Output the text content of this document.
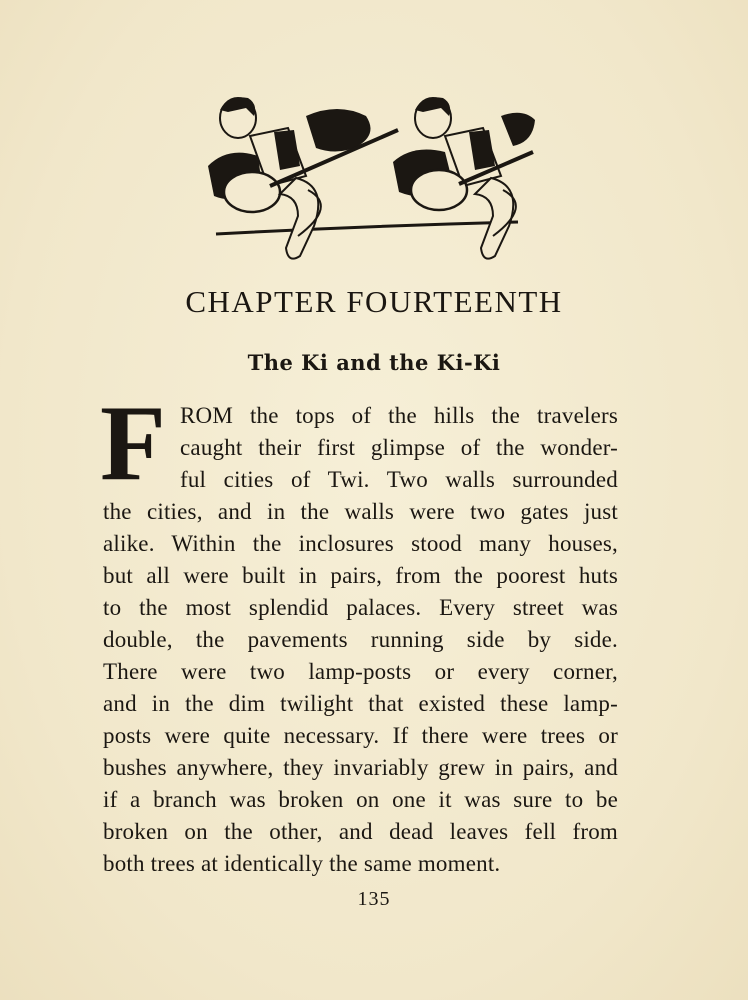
CHAPTER FOURTEENTH
The Ki and the Ki-Ki
F ROM the tops of the hills the travelers
caught their first glimpse of the wonder-
ful cities of Twi. Two walls surrounded
the cities, and in the walls were two gates just
alike. Within the inclosures stood many houses,
but all were built in pairs, from the poorest huts
to the most splendid palaces. Every street was
double, the pavements running side by side.
There were two lamp-posts or every corner,
and in the dim twilight that existed these lamp-
posts were quite necessary. If there were trees or
bushes anywhere, they invariably grew in pairs, and
if a branch was broken on one it was sure to be
broken on the other, and dead leaves fell from
both trees at identically the same moment.
135
